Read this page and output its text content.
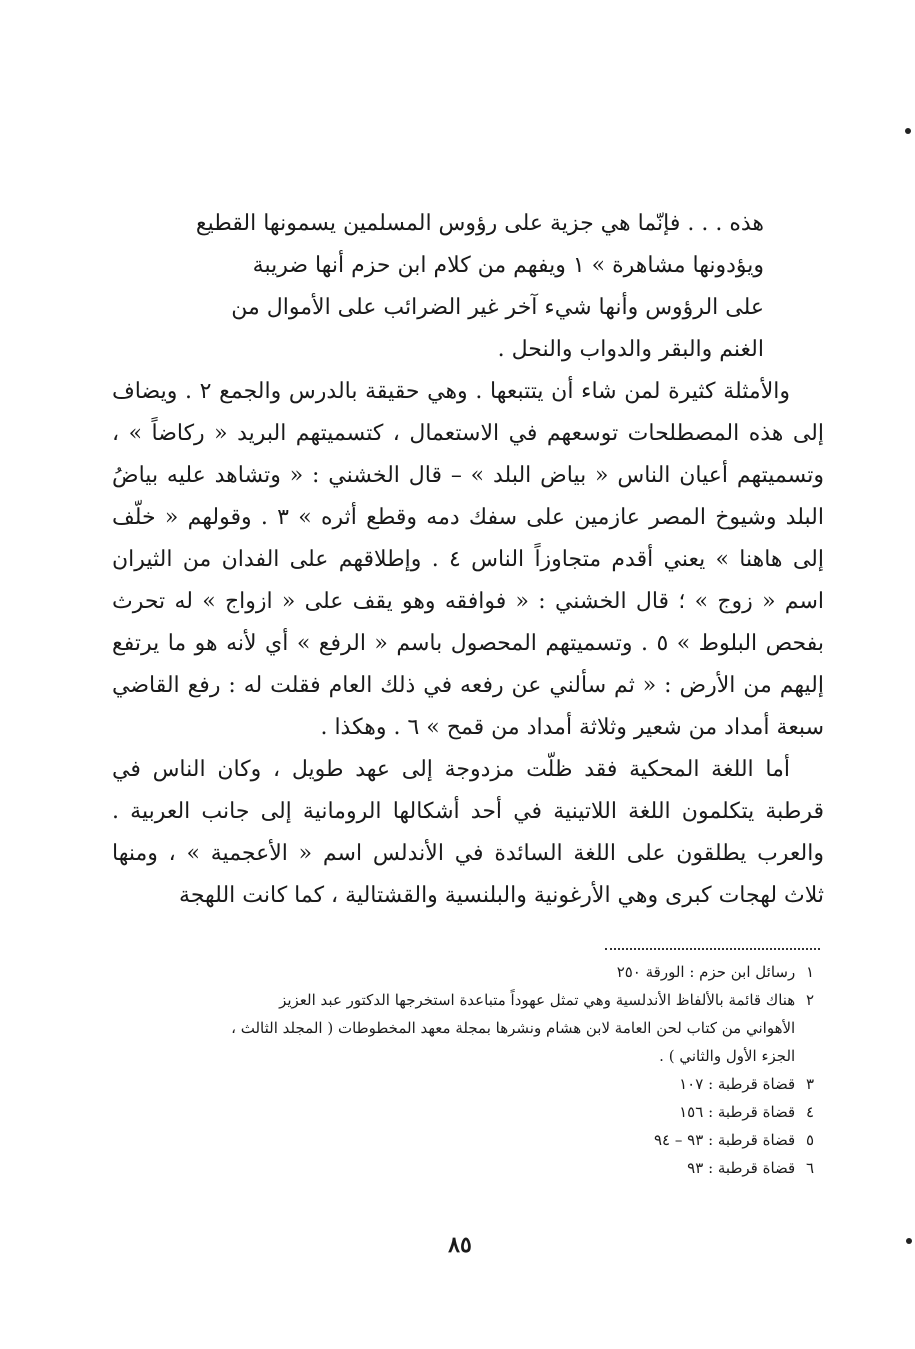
هذه . . . فإنّما هي جزية على رؤوس المسلمين يسمونها القطيع
ويؤدونها مشاهرة » ١ ويفهم من كلام ابن حزم أنها ضريبة
على الرؤوس وأنها شيء آخر غير الضرائب على الأموال من
الغنم والبقر والدواب والنحل .

والأمثلة كثيرة لمن شاء أن يتتبعها . وهي حقيقة بالدرس والجمع ٢ . ويضاف إلى هذه المصطلحات توسعهم في الاستعمال ، كتسميتهم البريد « ركاضاً » ، وتسميتهم أعيان الناس « بياض البلد » – قال الخشني : « وتشاهد عليه بياضُ البلد وشيوخ المصر عازمين على سفك دمه وقطع أثره » ٣ . وقولهم « خلّف إلى هاهنا » يعني أقدم متجاوزاً الناس ٤ . وإطلاقهم على الفدان من الثيران اسم « زوج » ؛ قال الخشني : « فوافقه وهو يقف على « ازواج » له تحرث بفحص البلوط » ٥ . وتسميتهم المحصول باسم « الرفع » أي لأنه هو ما يرتفع إليهم من الأرض : « ثم سألني عن رفعه في ذلك العام فقلت له : رفع القاضي سبعة أمداد من شعير وثلاثة أمداد من قمح » ٦ . وهكذا .

أما اللغة المحكية فقد ظلّت مزدوجة إلى عهد طويل ، وكان الناس في قرطبة يتكلمون اللغة اللاتينية في أحد أشكالها الرومانية إلى جانب العربية . والعرب يطلقون على اللغة السائدة في الأندلس اسم « الأعجمية » ، ومنها ثلاث لهجات كبرى وهي الأرغونية والبلنسية والقشتالية ، كما كانت اللهجة

١ رسائل ابن حزم : الورقة ٢٥٠

٢ هناك قائمة بالألفاظ الأندلسية وهي تمثل عهوداً متباعدة استخرجها الدكتور عبد العزيز

الأهواني من كتاب لحن العامة لابن هشام ونشرها بمجلة معهد المخطوطات ( المجلد الثالث ،

الجزء الأول والثاني ) .

٣ قضاة قرطبة : ١٠٧

٤ قضاة قرطبة : ١٥٦

٥ قضاة قرطبة : ٩٣ – ٩٤

٦ قضاة قرطبة : ٩٣

٨٥
